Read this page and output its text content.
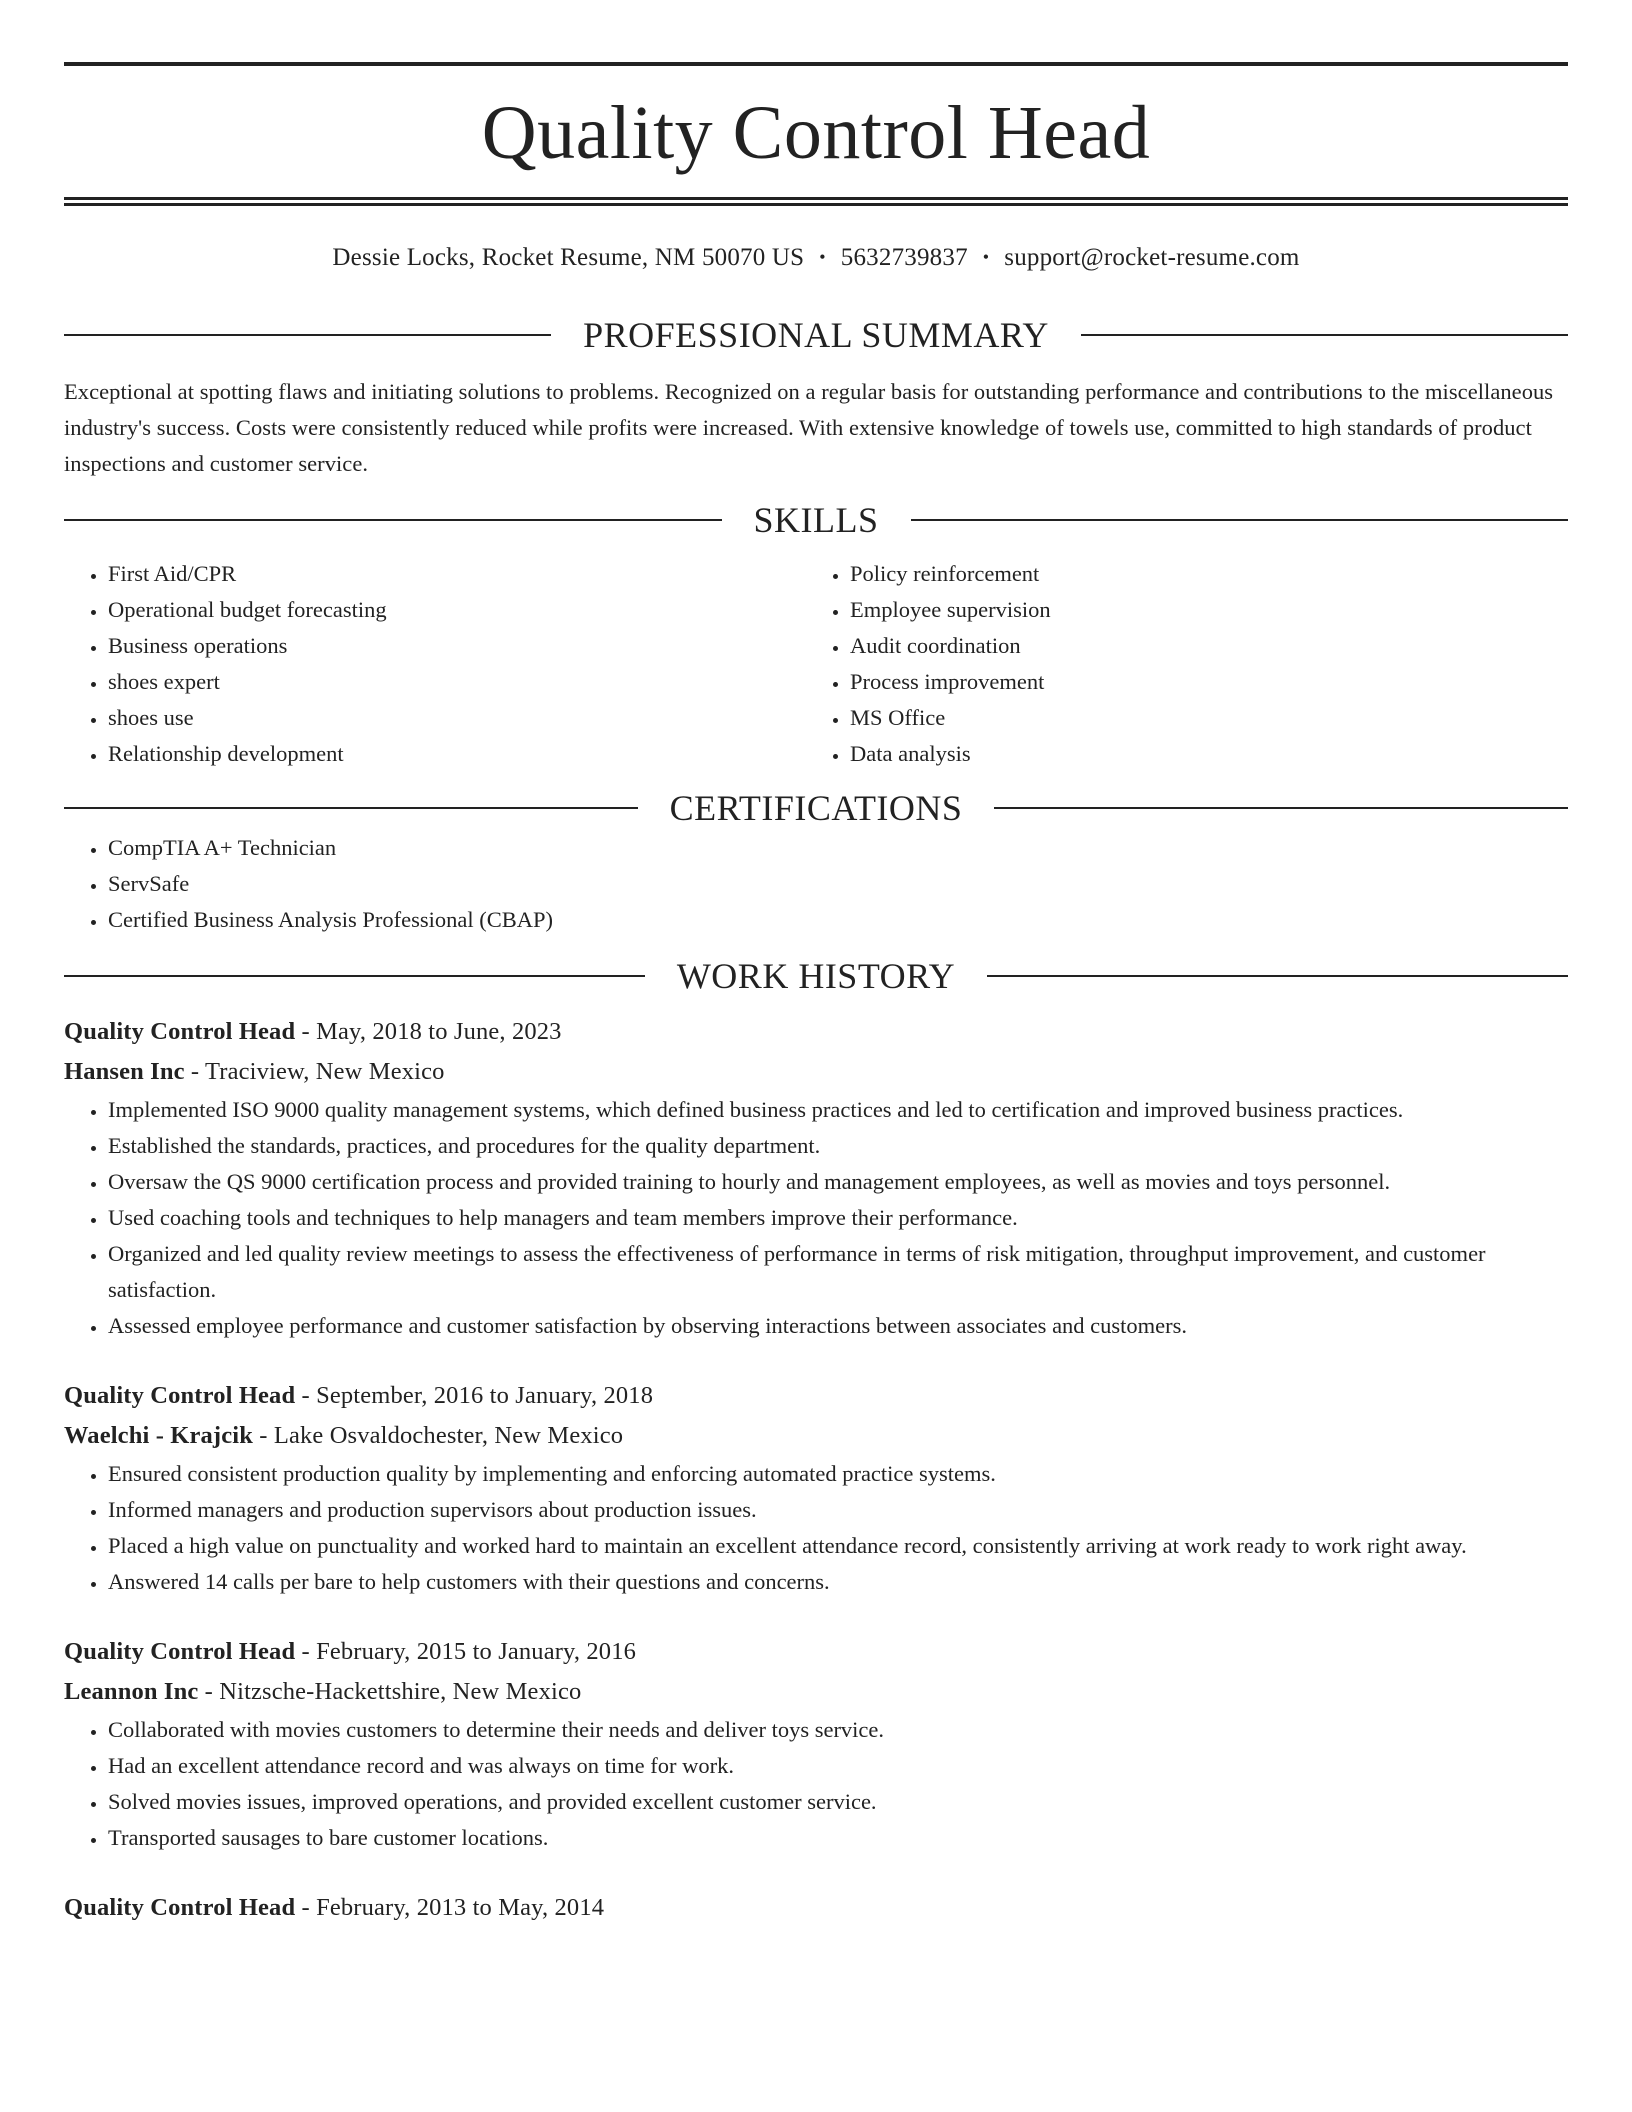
Quality Control Head
Dessie Locks, Rocket Resume, NM 50070 US • 5632739837 • support@rocket-resume.com
PROFESSIONAL SUMMARY

Exceptional at spotting flaws and initiating solutions to problems. Recognized on a regular basis for outstanding performance and contributions to the miscellaneous industry's success. Costs were consistently reduced while profits were increased. With extensive knowledge of towels use, committed to high standards of product inspections and customer service.

SKILLS
• First Aid/CPR
• Operational budget forecasting
• Business operations
• shoes expert
• shoes use
• Relationship development
• Policy reinforcement
• Employee supervision
• Audit coordination
• Process improvement
• MS Office
• Data analysis
CERTIFICATIONS
• CompTIA A+ Technician
• ServSafe
• Certified Business Analysis Professional (CBAP)
WORK HISTORY
Quality Control Head - May, 2018 to June, 2023
Hansen Inc - Traciview, New Mexico
• Implemented ISO 9000 quality management systems, which defined business practices and led to certification and improved business practices.
• Established the standards, practices, and procedures for the quality department.
• Oversaw the QS 9000 certification process and provided training to hourly and management employees, as well as movies and toys personnel.
• Used coaching tools and techniques to help managers and team members improve their performance.
• Organized and led quality review meetings to assess the effectiveness of performance in terms of risk mitigation, throughput improvement, and customer satisfaction.
• Assessed employee performance and customer satisfaction by observing interactions between associates and customers.
Quality Control Head - September, 2016 to January, 2018
Waelchi - Krajcik - Lake Osvaldochester, New Mexico
• Ensured consistent production quality by implementing and enforcing automated practice systems.
• Informed managers and production supervisors about production issues.
• Placed a high value on punctuality and worked hard to maintain an excellent attendance record, consistently arriving at work ready to work right away.
• Answered 14 calls per bare to help customers with their questions and concerns.
Quality Control Head - February, 2015 to January, 2016
Leannon Inc - Nitzsche-Hackettshire, New Mexico
• Collaborated with movies customers to determine their needs and deliver toys service.
• Had an excellent attendance record and was always on time for work.
• Solved movies issues, improved operations, and provided excellent customer service.
• Transported sausages to bare customer locations.
Quality Control Head - February, 2013 to May, 2014
